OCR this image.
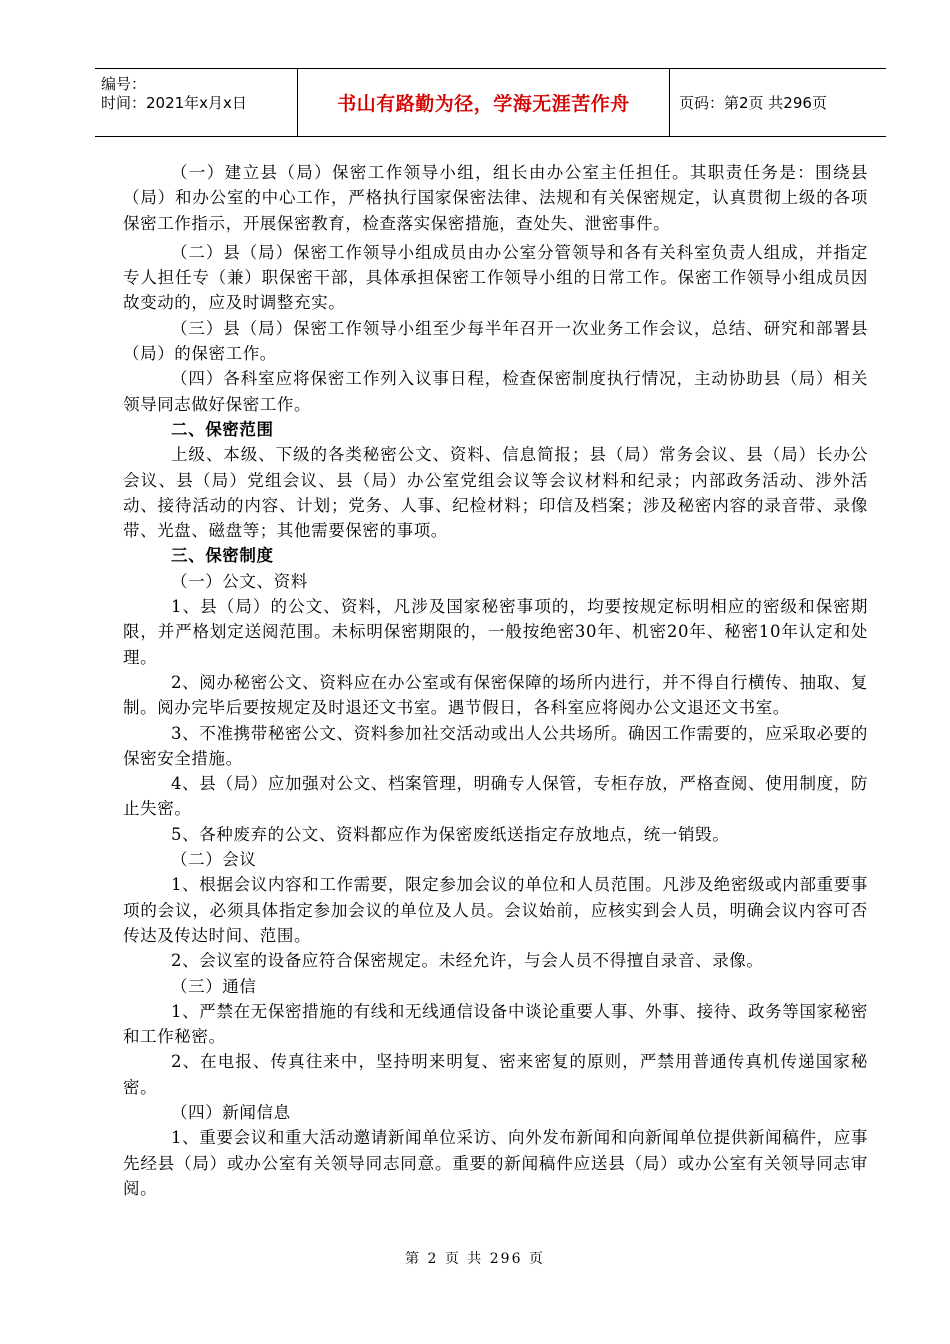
编号：
时间：2021年x月x日	书山有路勤为径，学海无涯苦作舟	页码：第2页 共296页

（一）建立县（局）保密工作领导小组，组长由办公室主任担任。其职责任务是：围绕县（局）和办公室的中心工作，严格执行国家保密法律、法规和有关保密规定，认真贯彻上级的各项保密工作指示，开展保密教育，检查落实保密措施，查处失、泄密事件。

（二）县（局）保密工作领导小组成员由办公室分管领导和各有关科室负责人组成，并指定专人担任专（兼）职保密干部，具体承担保密工作领导小组的日常工作。保密工作领导小组成员因故变动的，应及时调整充实。

（三）县（局）保密工作领导小组至少每半年召开一次业务工作会议，总结、研究和部署县（局）的保密工作。

（四）各科室应将保密工作列入议事日程，检查保密制度执行情况，主动协助县（局）相关领导同志做好保密工作。

二、保密范围

上级、本级、下级的各类秘密公文、资料、信息简报；县（局）常务会议、县（局）长办公会议、县（局）党组会议、县（局）办公室党组会议等会议材料和纪录；内部政务活动、涉外活动、接待活动的内容、计划；党务、人事、纪检材料；印信及档案；涉及秘密内容的录音带、录像带、光盘、磁盘等；其他需要保密的事项。

三、保密制度

（一）公文、资料

1、县（局）的公文、资料，凡涉及国家秘密事项的，均要按规定标明相应的密级和保密期限，并严格划定送阅范围。未标明保密期限的，一般按绝密30年、机密20年、秘密10年认定和处理。

2、阅办秘密公文、资料应在办公室或有保密保障的场所内进行，并不得自行横传、抽取、复制。阅办完毕后要按规定及时退还文书室。遇节假日，各科室应将阅办公文退还文书室。

3、不准携带秘密公文、资料参加社交活动或出人公共场所。确因工作需要的，应采取必要的保密安全措施。

4、县（局）应加强对公文、档案管理，明确专人保管，专柜存放，严格查阅、使用制度，防止失密。

5、各种废弃的公文、资料都应作为保密废纸送指定存放地点，统一销毁。

（二）会议

1、根据会议内容和工作需要，限定参加会议的单位和人员范围。凡涉及绝密级或内部重要事项的会议，必须具体指定参加会议的单位及人员。会议始前，应核实到会人员，明确会议内容可否传达及传达时间、范围。

2、会议室的设备应符合保密规定。未经允许，与会人员不得擅自录音、录像。

（三）通信

1、严禁在无保密措施的有线和无线通信设备中谈论重要人事、外事、接待、政务等国家秘密和工作秘密。

2、在电报、传真往来中，坚持明来明复、密来密复的原则，严禁用普通传真机传递国家秘密。

（四）新闻信息

1、重要会议和重大活动邀请新闻单位采访、向外发布新闻和向新闻单位提供新闻稿件，应事先经县（局）或办公室有关领导同志同意。重要的新闻稿件应送县（局）或办公室有关领导同志审阅。

第 2 页 共 296 页
